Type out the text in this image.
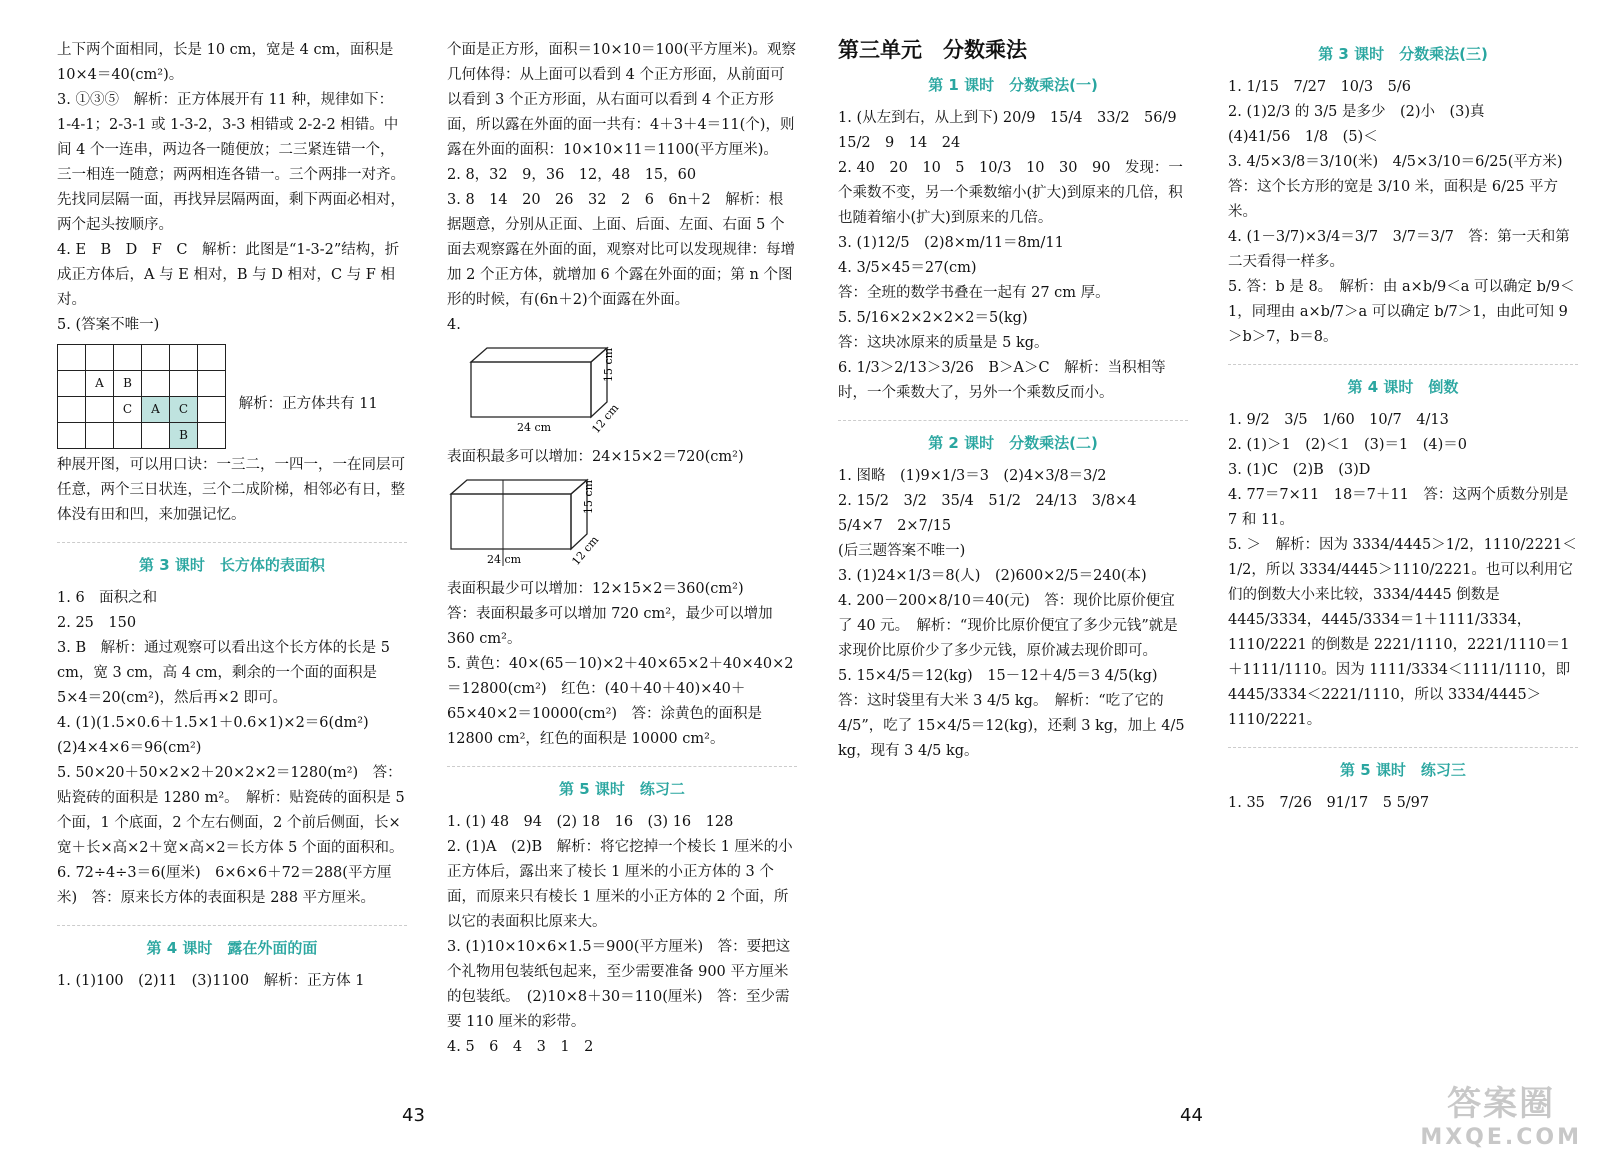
上下两个面相同，长是 10 cm，宽是 4 cm，面积是 10×4＝40(cm²)。

3. ①③⑤　解析：正方体展开有 11 种，规律如下：1-4-1；2-3-1 或 1-3-2，3-3 相错或 2-2-2 相错。中间 4 个一连串，两边各一随便放；二三紧连错一个，三一相连一随意；两两相连各错一。三个两排一对齐。先找同层隔一面，再找异层隔两面，剩下两面必相对，两个起头按顺序。

4. E　B　D　F　C　解析：此图是“1-3-2”结构，折成正方体后，A 与 E 相对，B 与 D 相对，C 与 F 相对。

5. (答案不唯一)

	A	B			
		C	A	C	
				B	
解析：正方体共有 11

种展开图，可以用口诀：一三二，一四一，一在同层可任意，两个三日状连，三个二成阶梯，相邻必有日，整体没有田和凹，来加强记忆。

第 3 课时　长方体的表面积

1. 6　面积之和

2. 25　150

3. B　解析：通过观察可以看出这个长方体的长是 5 cm，宽 3 cm，高 4 cm，剩余的一个面的面积是 5×4＝20(cm²)，然后再×2 即可。

4. (1)(1.5×0.6＋1.5×1＋0.6×1)×2＝6(dm²)

(2)4×4×6＝96(cm²)

5. 50×20＋50×2×2＋20×2×2＝1280(m²)　答：贴瓷砖的面积是 1280 m²。　解析：贴瓷砖的面积是 5 个面，1 个底面，2 个左右侧面，2 个前后侧面，长×宽＋长×高×2＋宽×高×2＝长方体 5 个面的面积和。

6. 72÷4÷3＝6(厘米)　6×6×6＋72＝288(平方厘米)　答：原来长方体的表面积是 288 平方厘米。

第 4 课时　露在外面的面

1. (1)100　(2)11　(3)1100　解析：正方体 1

个面是正方形，面积＝10×10＝100(平方厘米)。观察几何体得：从上面可以看到 4 个正方形面，从前面可以看到 3 个正方形面，从右面可以看到 4 个正方形面，所以露在外面的面一共有：4＋3＋4＝11(个)，则露在外面的面积：10×10×11＝1100(平方厘米)。

2. 8，32　9，36　12，48　15，60

3. 8　14　20　26　32　2　6　6n＋2　解析：根据题意，分别从正面、上面、后面、左面、右面 5 个面去观察露在外面的面，观察对比可以发现规律：每增加 2 个正方体，就增加 6 个露在外面的面；第 n 个图形的时候，有(6n＋2)个面露在外面。

4.

24 cm
15 cm
12 cm

表面积最多可以增加：24×15×2＝720(cm²)

24 cm
15 cm
12 cm

表面积最少可以增加：12×15×2＝360(cm²)

答：表面积最多可以增加 720 cm²，最少可以增加 360 cm²。

5. 黄色：40×(65－10)×2＋40×65×2＋40×40×2＝12800(cm²)　红色：(40＋40＋40)×40＋65×40×2＝10000(cm²)　答：涂黄色的面积是 12800 cm²，红色的面积是 10000 cm²。

第 5 课时　练习二

1. (1) 48　94　(2) 18　16　(3) 16　128

2. (1)A　(2)B　解析：将它挖掉一个棱长 1 厘米的小正方体后，露出来了棱长 1 厘米的小正方体的 3 个面，而原来只有棱长 1 厘米的小正方体的 2 个面，所以它的表面积比原来大。

3. (1)10×10×6×1.5＝900(平方厘米)　答：要把这个礼物用包装纸包起来，至少需要准备 900 平方厘米的包装纸。　(2)10×8＋30＝110(厘米)　答：至少需要 110 厘米的彩带。

4. 5　6　4　3　1　2

第三单元　分数乘法

第 1 课时　分数乘法(一)

1. (从左到右，从上到下) 20/9　15/4　33/2　56/9　15/2　9　14　24

2. 40　20　10　5　10/3　10　30　90　发现：一个乘数不变，另一个乘数缩小(扩大)到原来的几倍，积也随着缩小(扩大)到原来的几倍。

3. (1)12/5　(2)8×m/11＝8m/11

4. 3/5×45＝27(cm)

答：全班的数学书叠在一起有 27 cm 厚。

5. 5/16×2×2×2×2＝5(kg)

答：这块冰原来的质量是 5 kg。

6. 1/3＞2/13＞3/26　B＞A＞C　解析：当积相等时，一个乘数大了，另外一个乘数反而小。

第 2 课时　分数乘法(二)

1. 图略　(1)9×1/3＝3　(2)4×3/8＝3/2

2. 15/2　3/2　35/4　51/2　24/13　3/8×4　5/4×7　2×7/15

(后三题答案不唯一)

3. (1)24×1/3＝8(人)　(2)600×2/5＝240(本)

4. 200－200×8/10＝40(元)　答：现价比原价便宜了 40 元。　解析：“现价比原价便宜了多少元钱”就是求现价比原价少了多少元钱，原价减去现价即可。

5. 15×4/5＝12(kg)　15－12＋4/5＝3 4/5(kg)　答：这时袋里有大米 3 4/5 kg。　解析：“吃了它的 4/5”，吃了 15×4/5＝12(kg)，还剩 3 kg，加上 4/5 kg，现有 3 4/5 kg。

第 3 课时　分数乘法(三)

1. 1/15　7/27　10/3　5/6

2. (1)2/3 的 3/5 是多少　(2)小　(3)真

(4)41/56　1/8　(5)＜

3. 4/5×3/8＝3/10(米)　4/5×3/10＝6/25(平方米)

答：这个长方形的宽是 3/10 米，面积是 6/25 平方米。

4. (1－3/7)×3/4＝3/7　3/7＝3/7　答：第一天和第二天看得一样多。

5. 答：b 是 8。　解析：由 a×b/9＜a 可以确定 b/9＜1，同理由 a×b/7＞a 可以确定 b/7＞1，由此可知 9＞b＞7，b＝8。

第 4 课时　倒数

1. 9/2　3/5　1/60　10/7　4/13

2. (1)＞1　(2)＜1　(3)＝1　(4)＝0

3. (1)C　(2)B　(3)D

4. 77＝7×11　18＝7＋11　答：这两个质数分别是 7 和 11。

5. ＞　解析：因为 3334/4445＞1/2，1110/2221＜1/2，所以 3334/4445＞1110/2221。也可以利用它们的倒数大小来比较，3334/4445 倒数是 4445/3334，4445/3334＝1＋1111/3334，1110/2221 的倒数是 2221/1110，2221/1110＝1＋1111/1110。因为 1111/3334＜1111/1110，即 4445/3334＜2221/1110，所以 3334/4445＞1110/2221。

第 5 课时　练习三

1. 35　7/26　91/17　5 5/97

43	44	答案圈
MXQE.COM
